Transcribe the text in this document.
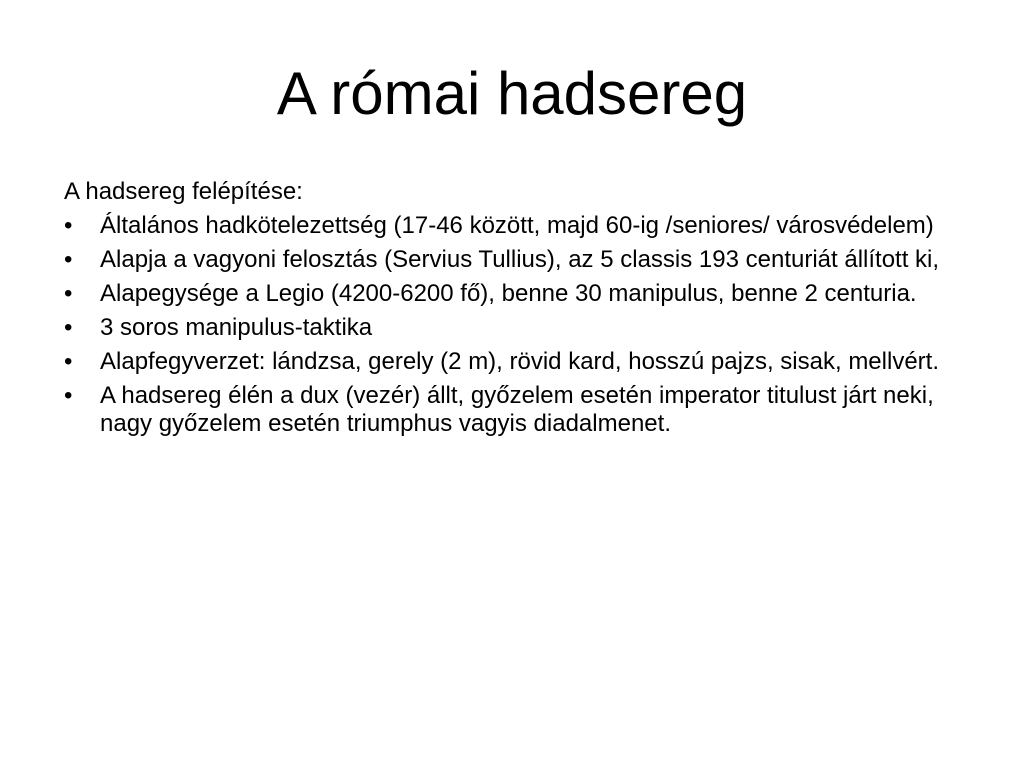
A római hadsereg

A hadsereg felépítése:

•	Általános hadkötelezettség (17-46 között, majd 60-ig /seniores/ városvédelem)
•	Alapja a vagyoni felosztás (Servius Tullius), az 5 classis 193 centuriát állított ki,
•	Alapegysége a Legio (4200-6200 fő), benne 30 manipulus, benne 2 centuria.
•	3 soros manipulus-taktika
•	Alapfegyverzet: lándzsa, gerely (2 m), rövid kard, hosszú pajzs, sisak, mellvért.
•	A hadsereg élén a dux (vezér) állt, győzelem esetén imperator titulust járt neki, nagy győzelem esetén triumphus vagyis diadalmenet.
